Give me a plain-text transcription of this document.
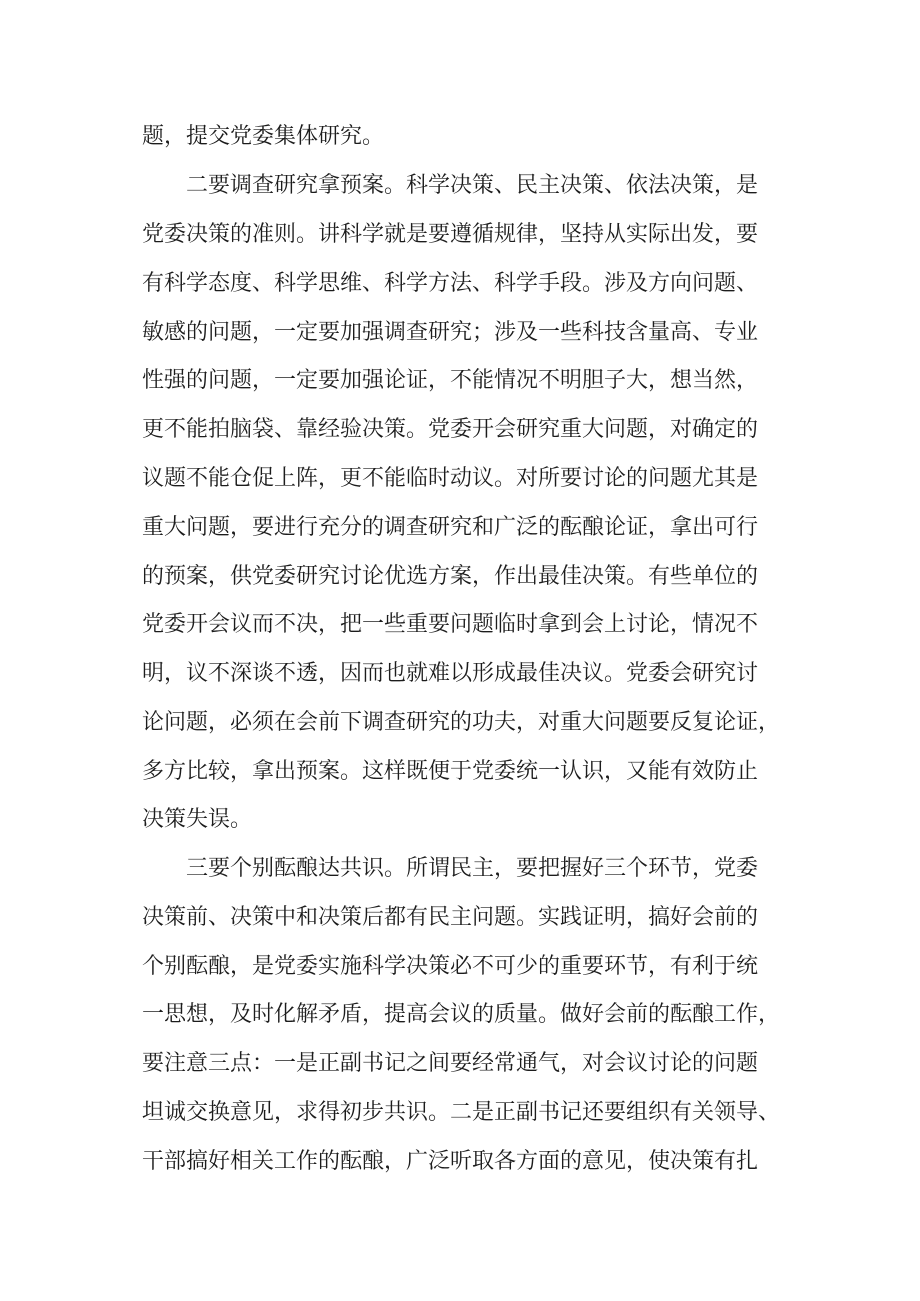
题，提交党委集体研究。
二要调查研究拿预案。科学决策、民主决策、依法决策，是
党委决策的准则。讲科学就是要遵循规律，坚持从实际出发，要
有科学态度、科学思维、科学方法、科学手段。涉及方向问题、
敏感的问题，一定要加强调查研究；涉及一些科技含量高、专业
性强的问题，一定要加强论证，不能情况不明胆子大，想当然，
更不能拍脑袋、靠经验决策。党委开会研究重大问题，对确定的
议题不能仓促上阵，更不能临时动议。对所要讨论的问题尤其是
重大问题，要进行充分的调查研究和广泛的酝酿论证，拿出可行
的预案，供党委研究讨论优选方案，作出最佳决策。有些单位的
党委开会议而不决，把一些重要问题临时拿到会上讨论，情况不
明，议不深谈不透，因而也就难以形成最佳决议。党委会研究讨
论问题，必须在会前下调查研究的功夫，对重大问题要反复论证，
多方比较，拿出预案。这样既便于党委统一认识，又能有效防止
决策失误。
三要个别酝酿达共识。所谓民主，要把握好三个环节，党委
决策前、决策中和决策后都有民主问题。实践证明，搞好会前的
个别酝酿，是党委实施科学决策必不可少的重要环节，有利于统
一思想，及时化解矛盾，提高会议的质量。做好会前的酝酿工作，
要注意三点：一是正副书记之间要经常通气，对会议讨论的问题
坦诚交换意见，求得初步共识。二是正副书记还要组织有关领导、
干部搞好相关工作的酝酿，广泛听取各方面的意见，使决策有扎
